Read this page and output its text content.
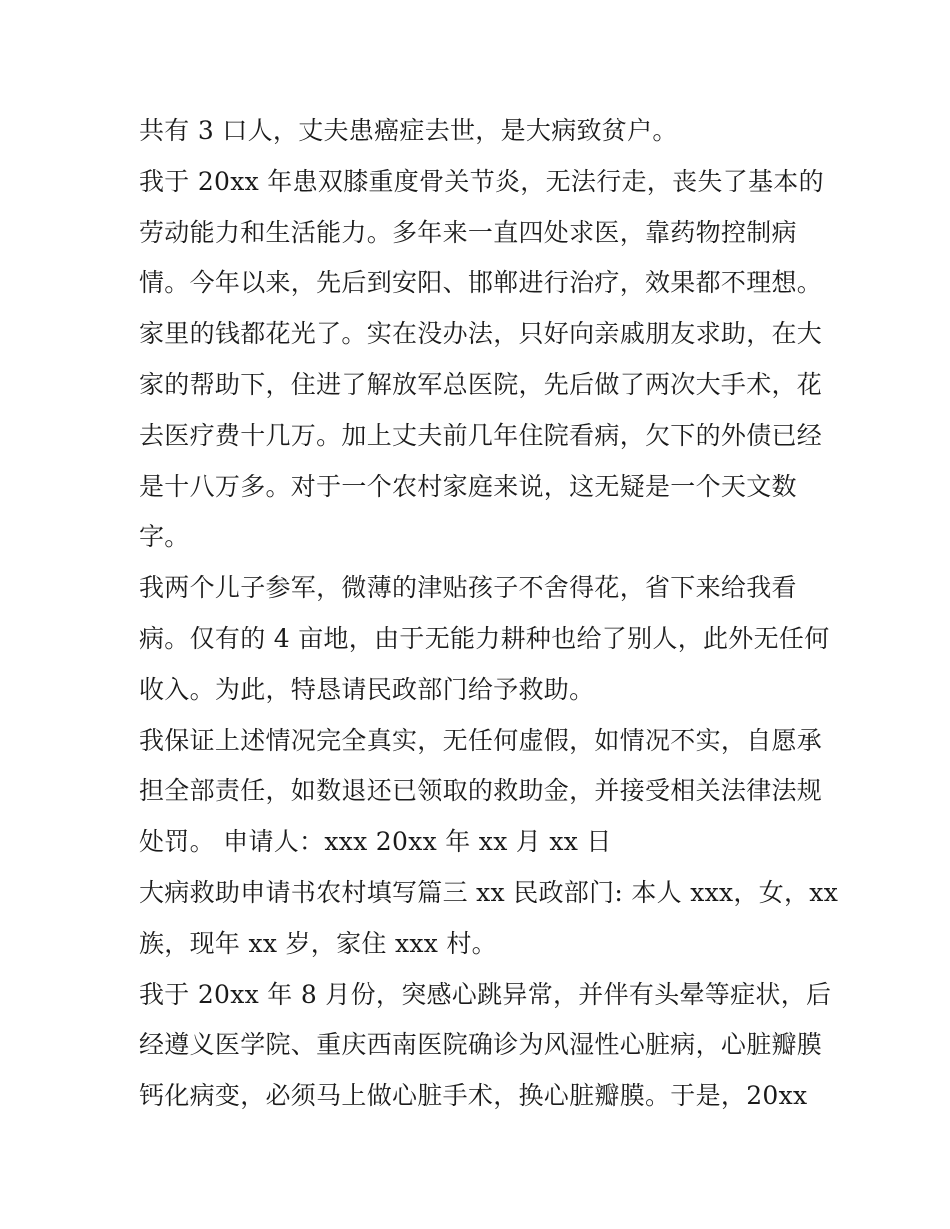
共有 3 口人，丈夫患癌症去世，是大病致贫户。
我于 20xx 年患双膝重度骨关节炎，无法行走，丧失了基本的
劳动能力和生活能力。多年来一直四处求医，靠药物控制病
情。今年以来，先后到安阳、邯郸进行治疗，效果都不理想。
家里的钱都花光了。实在没办法，只好向亲戚朋友求助，在大
家的帮助下，住进了解放军总医院，先后做了两次大手术，花
去医疗费十几万。加上丈夫前几年住院看病，欠下的外债已经
是十八万多。对于一个农村家庭来说，这无疑是一个天文数
字。
我两个儿子参军，微薄的津贴孩子不舍得花，省下来给我看
病。仅有的 4 亩地，由于无能力耕种也给了别人，此外无任何
收入。为此，特恳请民政部门给予救助。
我保证上述情况完全真实，无任何虚假，如情况不实，自愿承
担全部责任，如数退还已领取的救助金，并接受相关法律法规
处罚。 申请人：xxx 20xx 年 xx 月 xx 日
大病救助申请书农村填写篇三 xx 民政部门: 本人 xxx，女，xx
族，现年 xx 岁，家住 xxx 村。
我于 20xx 年 8 月份，突感心跳异常，并伴有头晕等症状，后
经遵义医学院、重庆西南医院确诊为风湿性心脏病，心脏瓣膜
钙化病变，必须马上做心脏手术，换心脏瓣膜。于是，20xx
